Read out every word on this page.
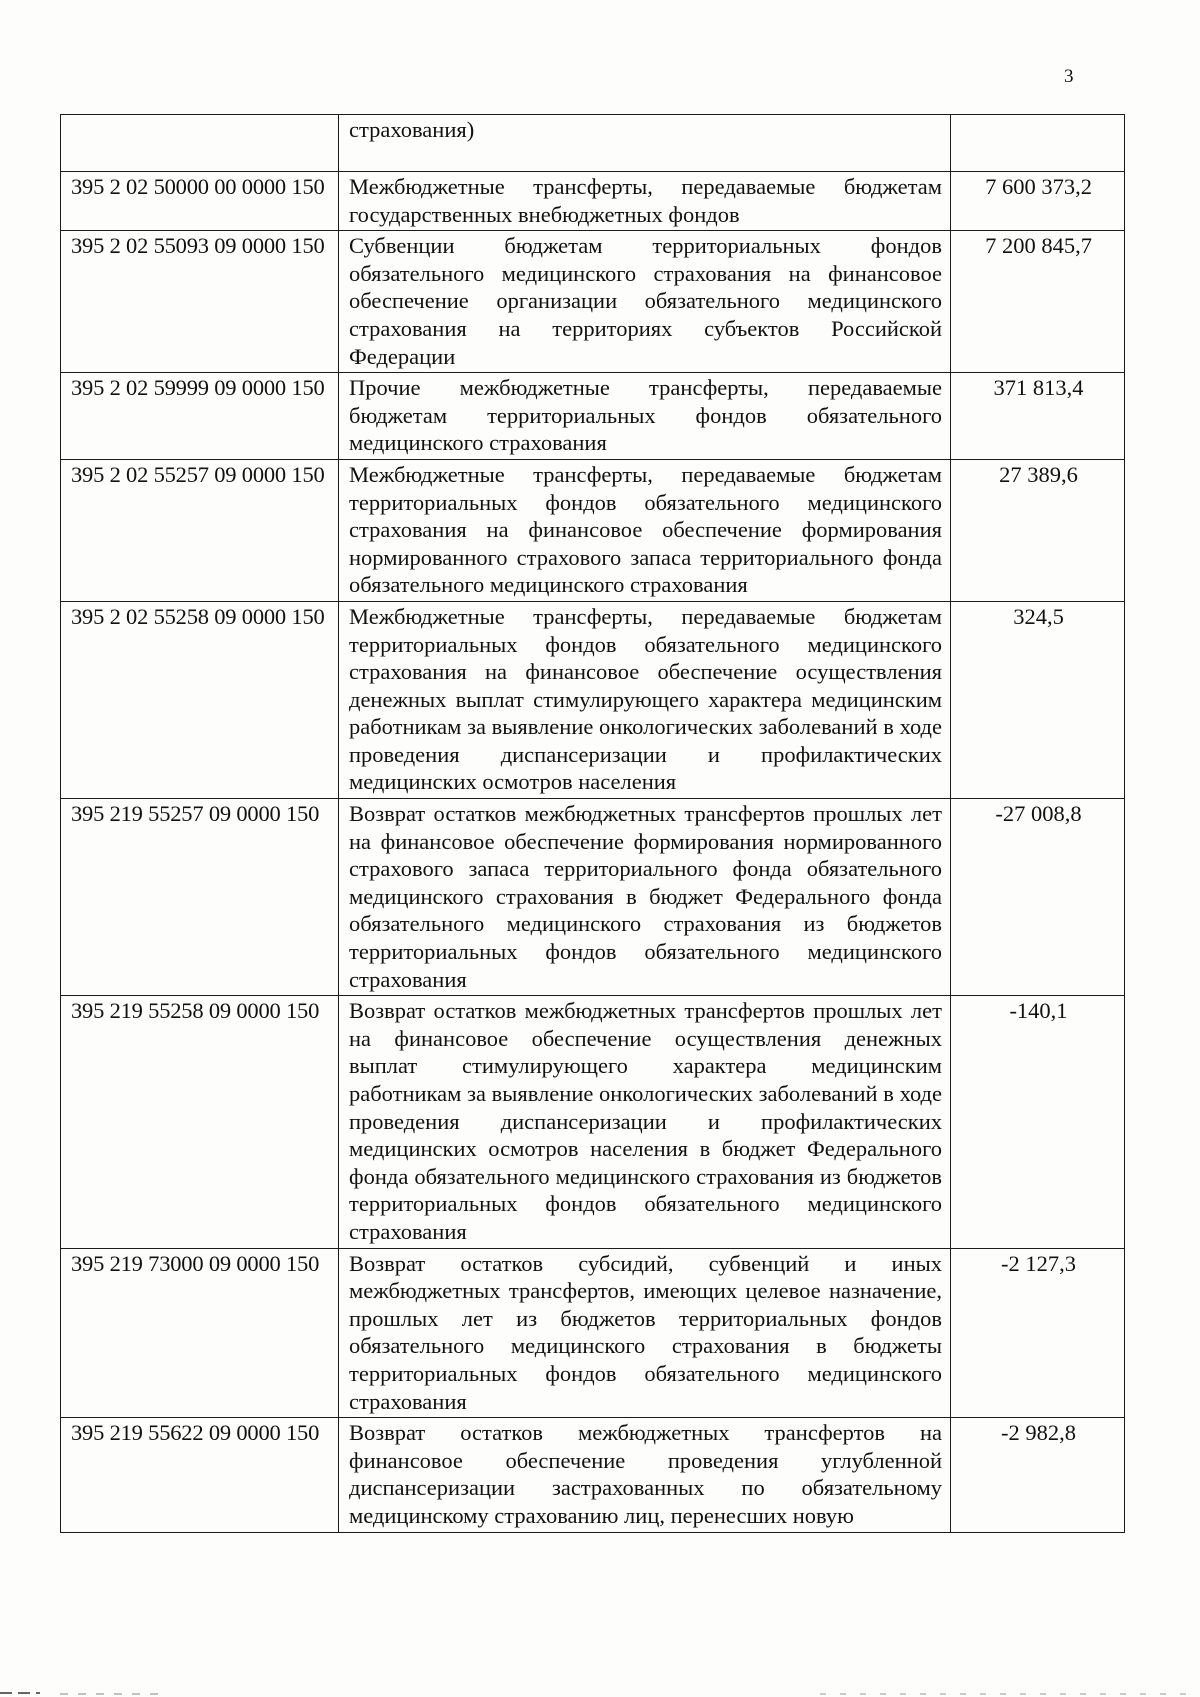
3
	страхования)	
395 2 02 50000 00 0000 150	Межбюджетные трансферты, передаваемые бюджетам государственных внебюджетных фондов	7 600 373,2
395 2 02 55093 09 0000 150	Субвенции бюджетам территориальных фондов обязательного медицинского страхования на финансовое обеспечение организации обязательного медицинского страхования на территориях субъектов Российской Федерации	7 200 845,7
395 2 02 59999 09 0000 150	Прочие межбюджетные трансферты, передаваемые бюджетам территориальных фондов обязательного медицинского страхования	371 813,4
395 2 02 55257 09 0000 150	Межбюджетные трансферты, передаваемые бюджетам территориальных фондов обязательного медицинского страхования на финансовое обеспечение формирования нормированного страхового запаса территориального фонда обязательного медицинского страхования	27 389,6
395 2 02 55258 09 0000 150	Межбюджетные трансферты, передаваемые бюджетам территориальных фондов обязательного медицинского страхования на финансовое обеспечение осуществления денежных выплат стимулирующего характера медицинским работникам за выявление онкологических заболеваний в ходе проведения диспансеризации и профилактических медицинских осмотров населения	324,5
395 219 55257 09 0000 150	Возврат остатков межбюджетных трансфертов прошлых лет на финансовое обеспечение формирования нормированного страхового запаса территориального фонда обязательного медицинского страхования в бюджет Федерального фонда обязательного медицинского страхования из бюджетов территориальных фондов обязательного медицинского страхования	-27 008,8
395 219 55258 09 0000 150	Возврат остатков межбюджетных трансфертов прошлых лет на финансовое обеспечение осуществления денежных выплат стимулирующего характера медицинским работникам за выявление онкологических заболеваний в ходе проведения диспансеризации и профилактических медицинских осмотров населения в бюджет Федерального фонда обязательного медицинского страхования из бюджетов территориальных фондов обязательного медицинского страхования	-140,1
395 219 73000 09 0000 150	Возврат остатков субсидий, субвенций и иных межбюджетных трансфертов, имеющих целевое назначение, прошлых лет из бюджетов территориальных фондов обязательного медицинского страхования в бюджеты территориальных фондов обязательного медицинского страхования	-2 127,3
395 219 55622 09 0000 150	Возврат остатков межбюджетных трансфертов на финансовое обеспечение проведения углубленной диспансеризации застрахованных по обязательному медицинскому страхованию лиц, перенесших новую	-2 982,8
